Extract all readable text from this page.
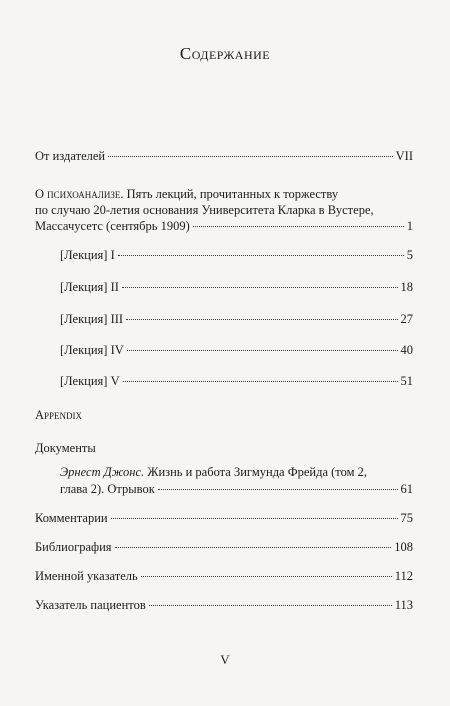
Содержание
От издателей	VII
О психоанализе. Пять лекций, прочитанных к торжеству
по случаю 20-летия основания Университета Кларка в Вустере,
Массачусетс (сентябрь 1909)	1
[Лекция] I	5
[Лекция] II	18
[Лекция] III	27
[Лекция] IV	40
[Лекция] V	51
Appendix
Документы
Эрнест Джонс. Жизнь и работа Зигмунда Фрейда (том 2,
глава 2). Отрывок	61
Комментарии	75
Библиография	108
Именной указатель	112
Указатель пациентов	113
V
